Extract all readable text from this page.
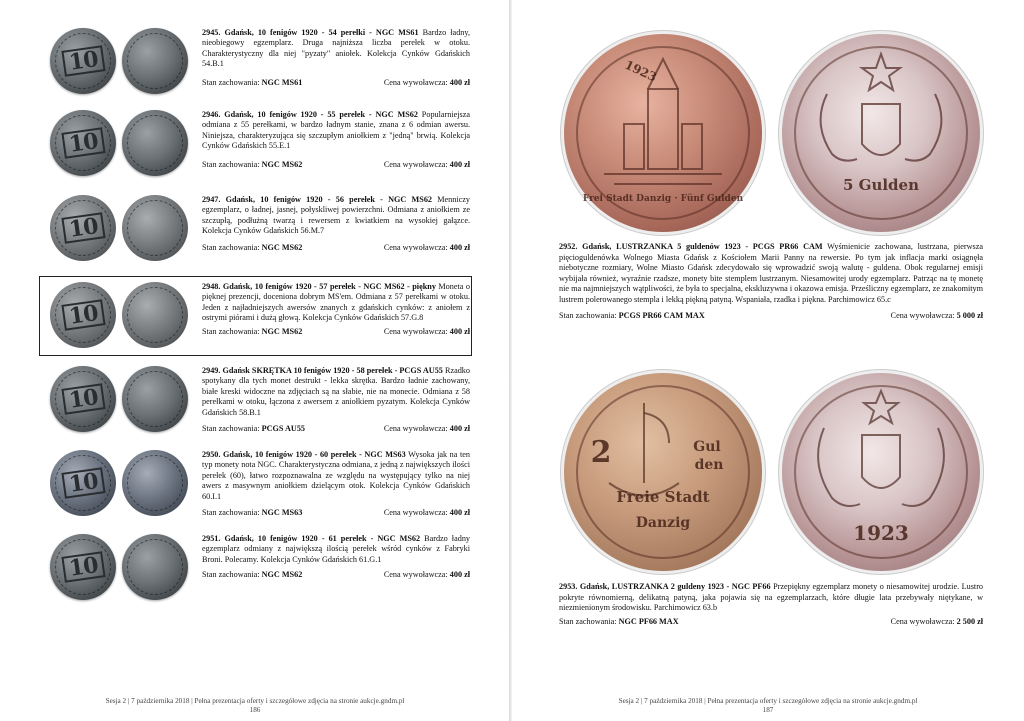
10
2945. Gdańsk, 10 fenigów 1920 - 54 perełki - NGC MS61 Bardzo ładny, nieobiegowy egzemplarz. Druga najniższa liczba perełek w otoku. Charakterystyczny dla niej "pyzaty" aniołek. Kolekcja Cynków Gdańskich 54.B.1
Stan zachowania: NGC MS61	Cena wywoławcza: 400 zł
10
2946. Gdańsk, 10 fenigów 1920 - 55 perełek - NGC MS62 Popularniejsza odmiana z 55 perełkami, w bardzo ładnym stanie, znana z 6 odmian awersu. Niniejsza, charakteryzująca się szczupłym aniołkiem z "jedną" brwią. Kolekcja Cynków Gdańskich 55.E.1
Stan zachowania: NGC MS62	Cena wywoławcza: 400 zł
10
2947. Gdańsk, 10 fenigów 1920 - 56 perełek - NGC MS62 Menniczy egzemplarz, o ładnej, jasnej, połyskliwej powierzchni. Odmiana z aniołkiem ze szczupłą, podłużną twarzą i rewersem z kwiatkiem na wysokiej gałązce. Kolekcja Cynków Gdańskich 56.M.7
Stan zachowania: NGC MS62	Cena wywoławcza: 400 zł
10
2948. Gdańsk, 10 fenigów 1920 - 57 perełek - NGC MS62 - piękny Moneta o pięknej prezencji, doceniona dobrym MS'em. Odmiana z 57 perełkami w otoku. Jeden z najładniejszych awersów znanych z gdańskich cynków: z aniołem z ostrymi piórami i dużą głową. Kolekcja Cynków Gdańskich 57.G.8
Stan zachowania: NGC MS62	Cena wywoławcza: 400 zł
10
2949. Gdańsk SKRĘTKA 10 fenigów 1920 - 58 perełek - PCGS AU55 Rzadko spotykany dla tych monet destrukt - lekka skrętka. Bardzo ładnie zachowany, białe kreski widoczne na zdjęciach są na słabie, nie na monecie. Odmiana z 58 perełkami w otoku, łączona z awersem z aniołkiem pyzatym. Kolekcja Cynków Gdańskich 58.B.1
Stan zachowania: PCGS AU55	Cena wywoławcza: 400 zł
10
2950. Gdańsk, 10 fenigów 1920 - 60 perełek - NGC MS63 Wysoka jak na ten typ monety nota NGC. Charakterystyczna odmiana, z jedną z największych ilości perełek (60), łatwo rozpoznawalna ze względu na występujący tylko na niej awers z masywnym aniołkiem dzielącym otok. Kolekcja Cynków Gdańskich 60.I.1
Stan zachowania: NGC MS63	Cena wywoławcza: 400 zł
10
2951. Gdańsk, 10 fenigów 1920 - 61 perełek - NGC MS62 Bardzo ładny egzemplarz odmiany z największą ilością perełek wśród cynków z Fabryki Broni. Polecamy. Kolekcja Cynków Gdańskich 61.G.1
Stan zachowania: NGC MS62	Cena wywoławcza: 400 zł
Sesja 2 | 7 października 2018 | Pełna prezentacja oferty i szczegółowe zdjęcia na stronie aukcje.gndm.pl
186
1923
Frei Stadt Danzig · Fünf Gulden
5 Gulden
2952. Gdańsk, LUSTRZANKA 5 guldenów 1923 - PCGS PR66 CAM Wyśmienicie zachowana, lustrzana, pierwsza pięcioguldenówka Wolnego Miasta Gdańsk z Kościołem Marii Panny na rewersie. Po tym jak inflacja marki osiągnęła niebotyczne rozmiary, Wolne Miasto Gdańsk zdecydowało się wprowadzić swoją walutę - guldena. Obok regularnej emisji wybijała również, wyraźnie rzadsze, monety bite stemplem lustrzanym. Niesamowitej urody egzemplarz. Patrząc na tę monetę nie ma najmniejszych wątpliwości, że była to specjalna, ekskluzywna i okazowa emisja. Prześliczny egzemplarz, ze znakomitym lustrem polerowanego stempla i lekką piękną patyną. Wspaniała, rzadka i piękna. Parchimowicz 65.c
Stan zachowania: PCGS PR66 CAM MAX	Cena wywoławcza: 5 000 zł
2	Gul
den
Freie Stadt
Danzig	1923
2953. Gdańsk, LUSTRZANKA 2 guldeny 1923 - NGC PF66 Przepiękny egzemplarz monety o niesamowitej urodzie. Lustro pokryte równomierną, delikatną patyną, jaka pojawia się na egzemplarzach, które długie lata przebywały niętykane, w niezmienionym środowisku. Parchimowicz 63.b
Stan zachowania: NGC PF66 MAX	Cena wywoławcza: 2 500 zł
Sesja 2 | 7 października 2018 | Pełna prezentacja oferty i szczegółowe zdjęcia na stronie aukcje.gndm.pl
187
